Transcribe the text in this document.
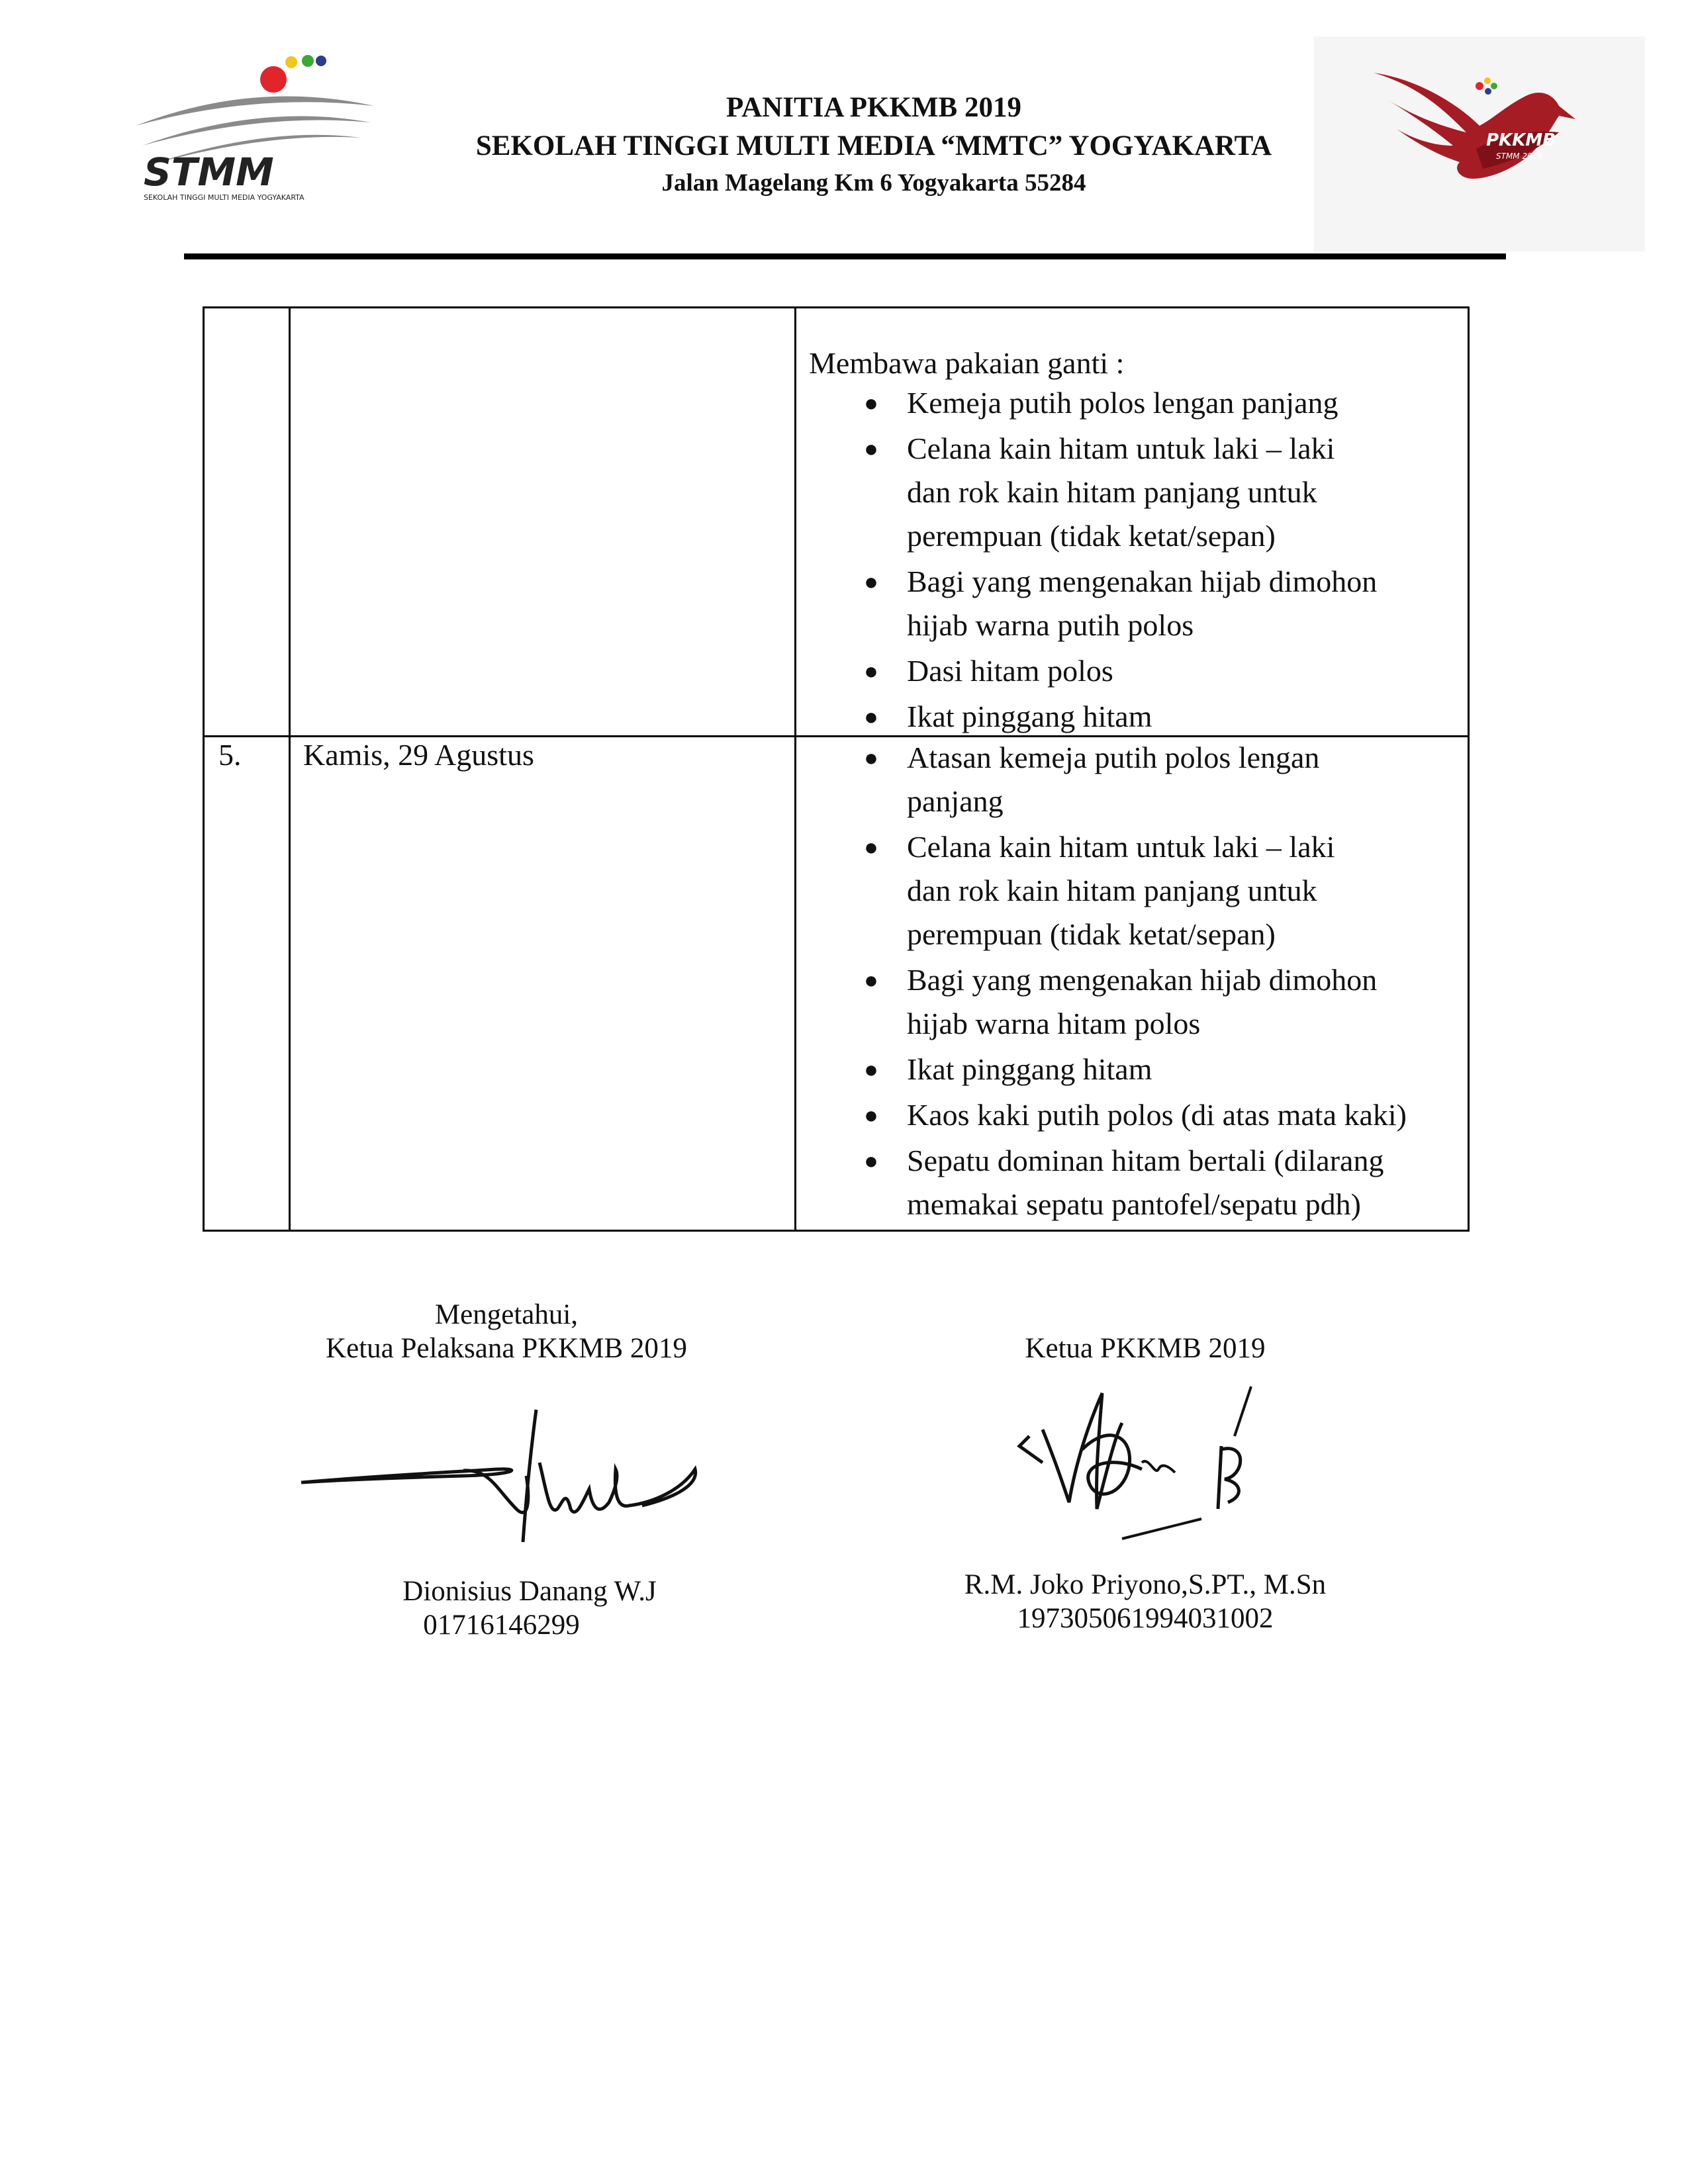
STMM
SEKOLAH TINGGI MULTI MEDIA YOGYAKARTA
PANITIA PKKMB 2019
SEKOLAH TINGGI MULTI MEDIA “MMTC” YOGYAKARTA
Jalan Magelang Km 6 Yogyakarta 55284
PKKMB
STMM 2019
Membawa pakaian ganti :
● Kemeja putih polos lengan panjang
● Celana kain hitam untuk laki – laki
dan rok kain hitam panjang untuk
perempuan (tidak ketat/sepan)
● Bagi yang mengenakan hijab dimohon
hijab warna putih polos
● Dasi hitam polos
● Ikat pinggang hitam
5. Kamis, 29 Agustus	● Atasan kemeja putih polos lengan
panjang
● Celana kain hitam untuk laki – laki
dan rok kain hitam panjang untuk
perempuan (tidak ketat/sepan)
● Bagi yang mengenakan hijab dimohon
hijab warna hitam polos
● Ikat pinggang hitam
● Kaos kaki putih polos (di atas mata kaki)
● Sepatu dominan hitam bertali (dilarang
memakai sepatu pantofel/sepatu pdh)
Mengetahui,
Ketua Pelaksana PKKMB 2019	Ketua PKKMB 2019
Dionisius Danang W.J
01716146299
R.M. Joko Priyono,S.PT., M.Sn
197305061994031002
